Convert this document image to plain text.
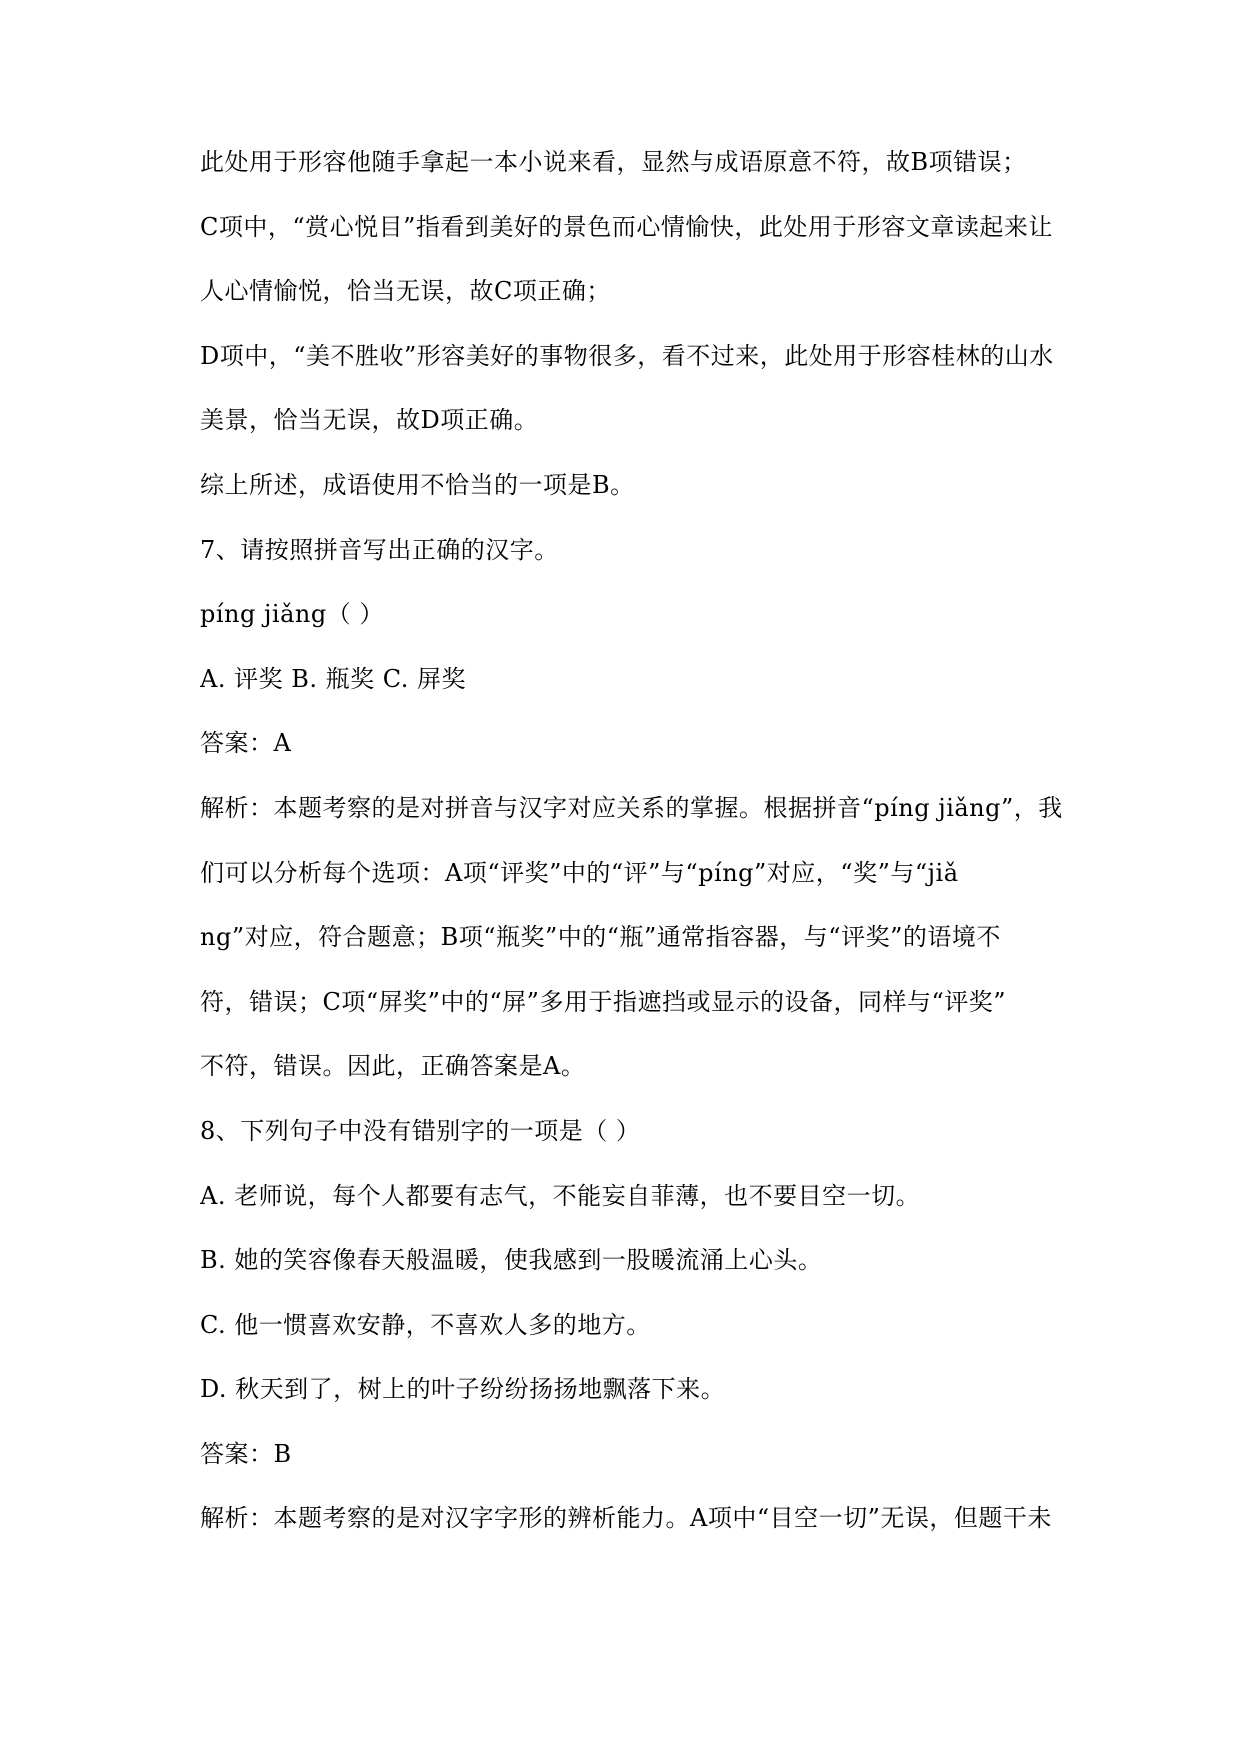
此处用于形容他随手拿起一本小说来看，显然与成语原意不符，故B项错误；
C项中，“赏心悦目”指看到美好的景色而心情愉快，此处用于形容文章读起来让
人心情愉悦，恰当无误，故C项正确；
D项中，“美不胜收”形容美好的事物很多，看不过来，此处用于形容桂林的山水
美景，恰当无误，故D项正确。
综上所述，成语使用不恰当的一项是B。
7、请按照拼音写出正确的汉字。
píng jiǎng（ ）
A. 评奖 B. 瓶奖 C. 屏奖
答案：A
解析：本题考察的是对拼音与汉字对应关系的掌握。根据拼音“píng jiǎng”，我
们可以分析每个选项：A项“评奖”中的“评”与“píng”对应，“奖”与“jiǎ
ng”对应，符合题意；B项“瓶奖”中的“瓶”通常指容器，与“评奖”的语境不
符，错误；C项“屏奖”中的“屏”多用于指遮挡或显示的设备，同样与“评奖”
不符，错误。因此，正确答案是A。
8、下列句子中没有错别字的一项是（ ）
A. 老师说，每个人都要有志气，不能妄自菲薄，也不要目空一切。
B. 她的笑容像春天般温暖，使我感到一股暖流涌上心头。
C. 他一惯喜欢安静，不喜欢人多的地方。
D. 秋天到了，树上的叶子纷纷扬扬地飘落下来。
答案：B
解析：本题考察的是对汉字字形的辨析能力。A项中“目空一切”无误，但题干未
